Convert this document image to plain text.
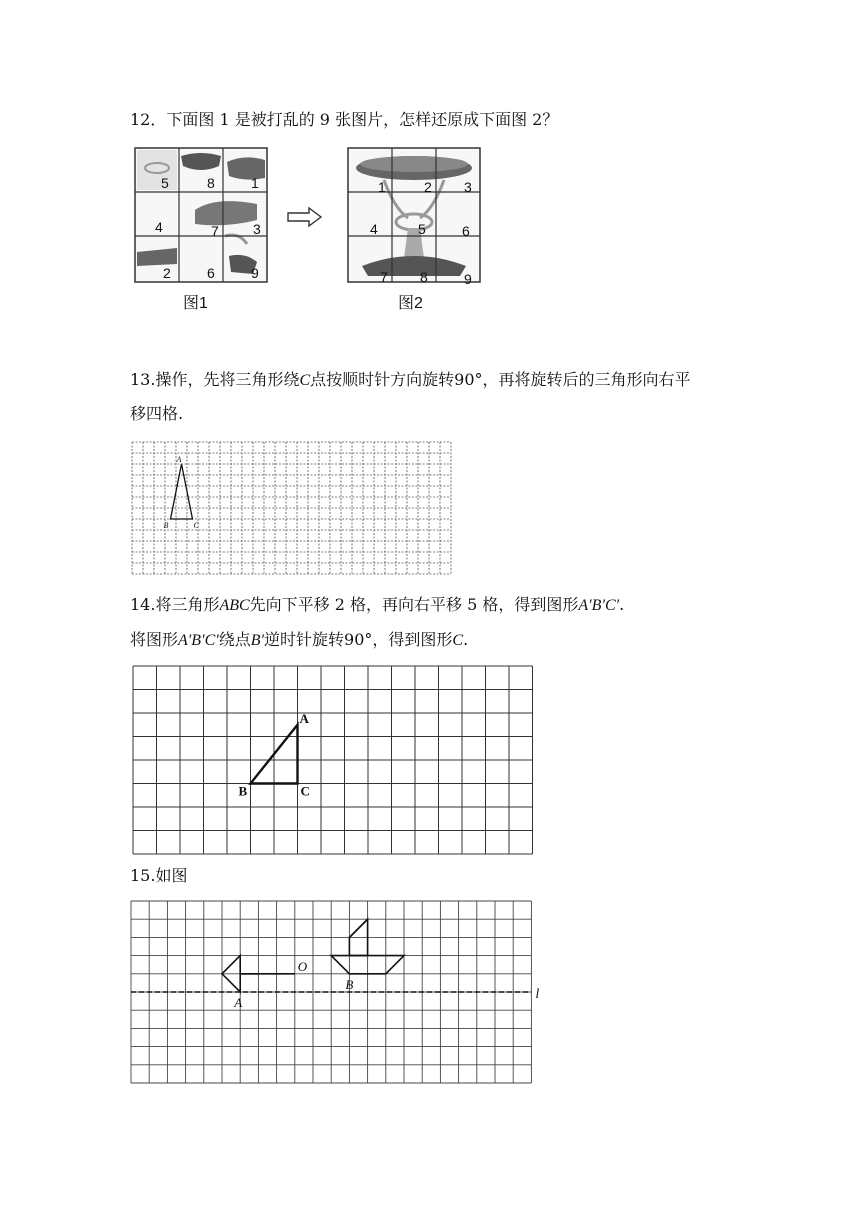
12．下面图 1 是被打乱的 9 张图片，怎样还原成下面图 2？
5	8	1
4	7 3
2	6	9
图1
1	2 3
4	5	6
7 8	9
图2
13.操作，先将三角形绕C点按顺时针方向旋转90°，再将旋转后的三角形向右平
移四格.
A
B	C
14.将三角形ABC先向下平移 2 格，再向右平移 5 格，得到图形A′B′C′.
将图形A′B′C′绕点B′逆时针旋转90°，得到图形C.
A
B	C
15.如图
l
O
A
B
